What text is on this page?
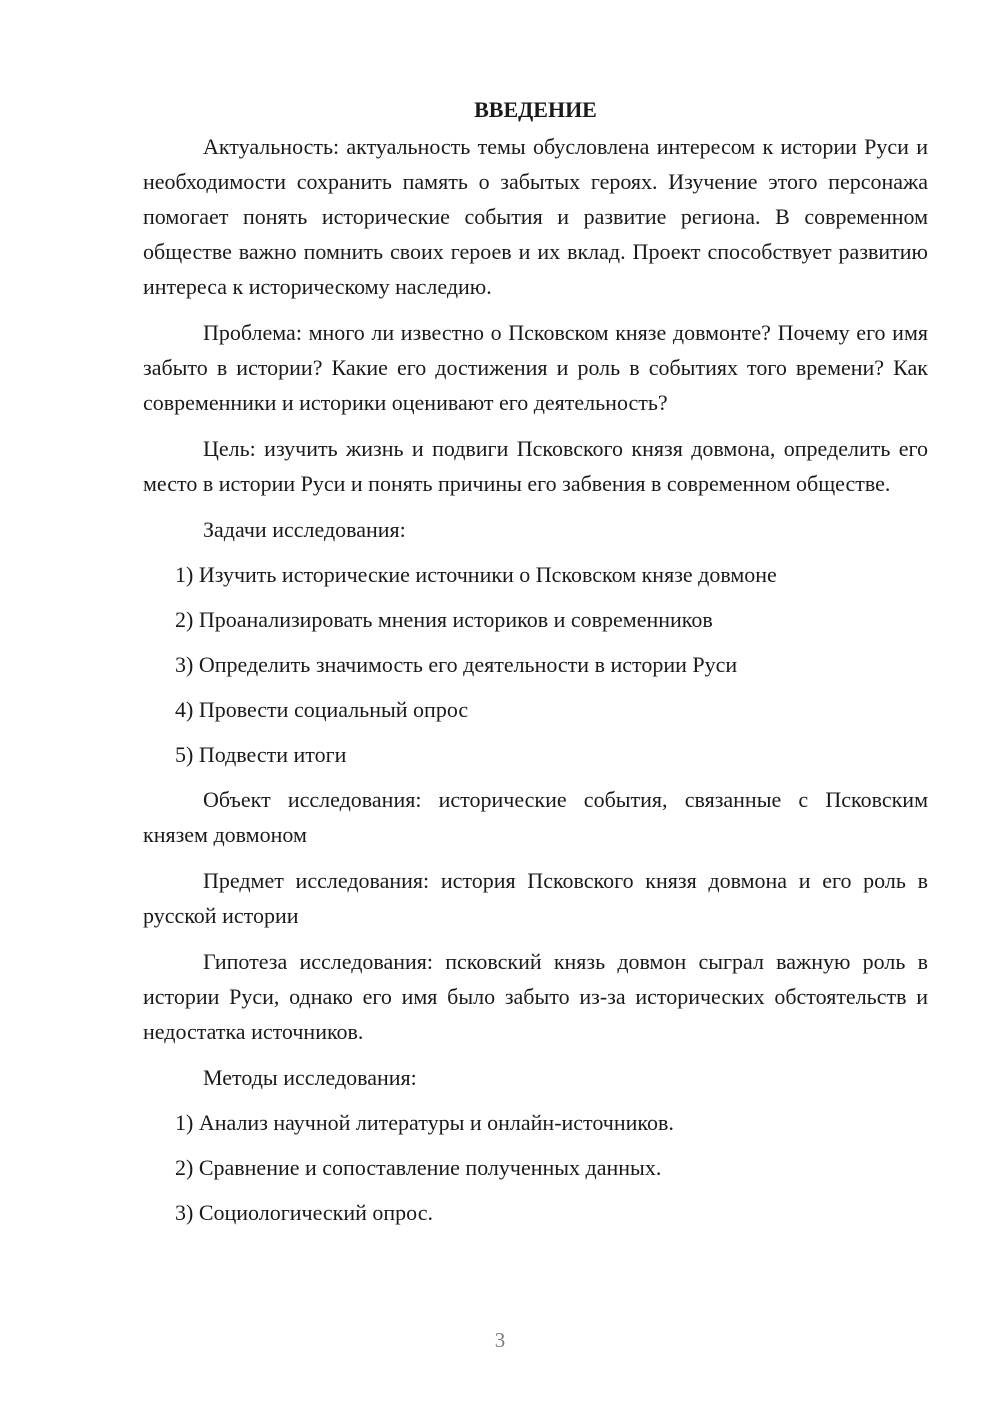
ВВЕДЕНИЕ

Актуальность: актуальность темы обусловлена интересом к истории Руси и необходимости сохранить память о забытых героях. Изучение этого персонажа помогает понять исторические события и развитие региона. В современном обществе важно помнить своих героев и их вклад. Проект способствует развитию интереса к историческому наследию.

Проблема: много ли известно о Псковском князе довмонте? Почему его имя забыто в истории? Какие его достижения и роль в событиях того времени? Как современники и историки оценивают его деятельность?

Цель: изучить жизнь и подвиги Псковского князя довмона, определить его место в истории Руси и понять причины его забвения в современном обществе.

Задачи исследования:

1) Изучить исторические источники о Псковском князе довмоне

2) Проанализировать мнения историков и современников

3) Определить значимость его деятельности в истории Руси

4) Провести социальный опрос

5) Подвести итоги

Объект исследования: исторические события, связанные с Псковским князем довмоном

Предмет исследования: история Псковского князя довмона и его роль в русской истории

Гипотеза исследования: псковский князь довмон сыграл важную роль в истории Руси, однако его имя было забыто из-за исторических обстоятельств и недостатка источников.

Методы исследования:

1) Анализ научной литературы и онлайн-источников.

2) Сравнение и сопоставление полученных данных.

3) Социологический опрос.

3
